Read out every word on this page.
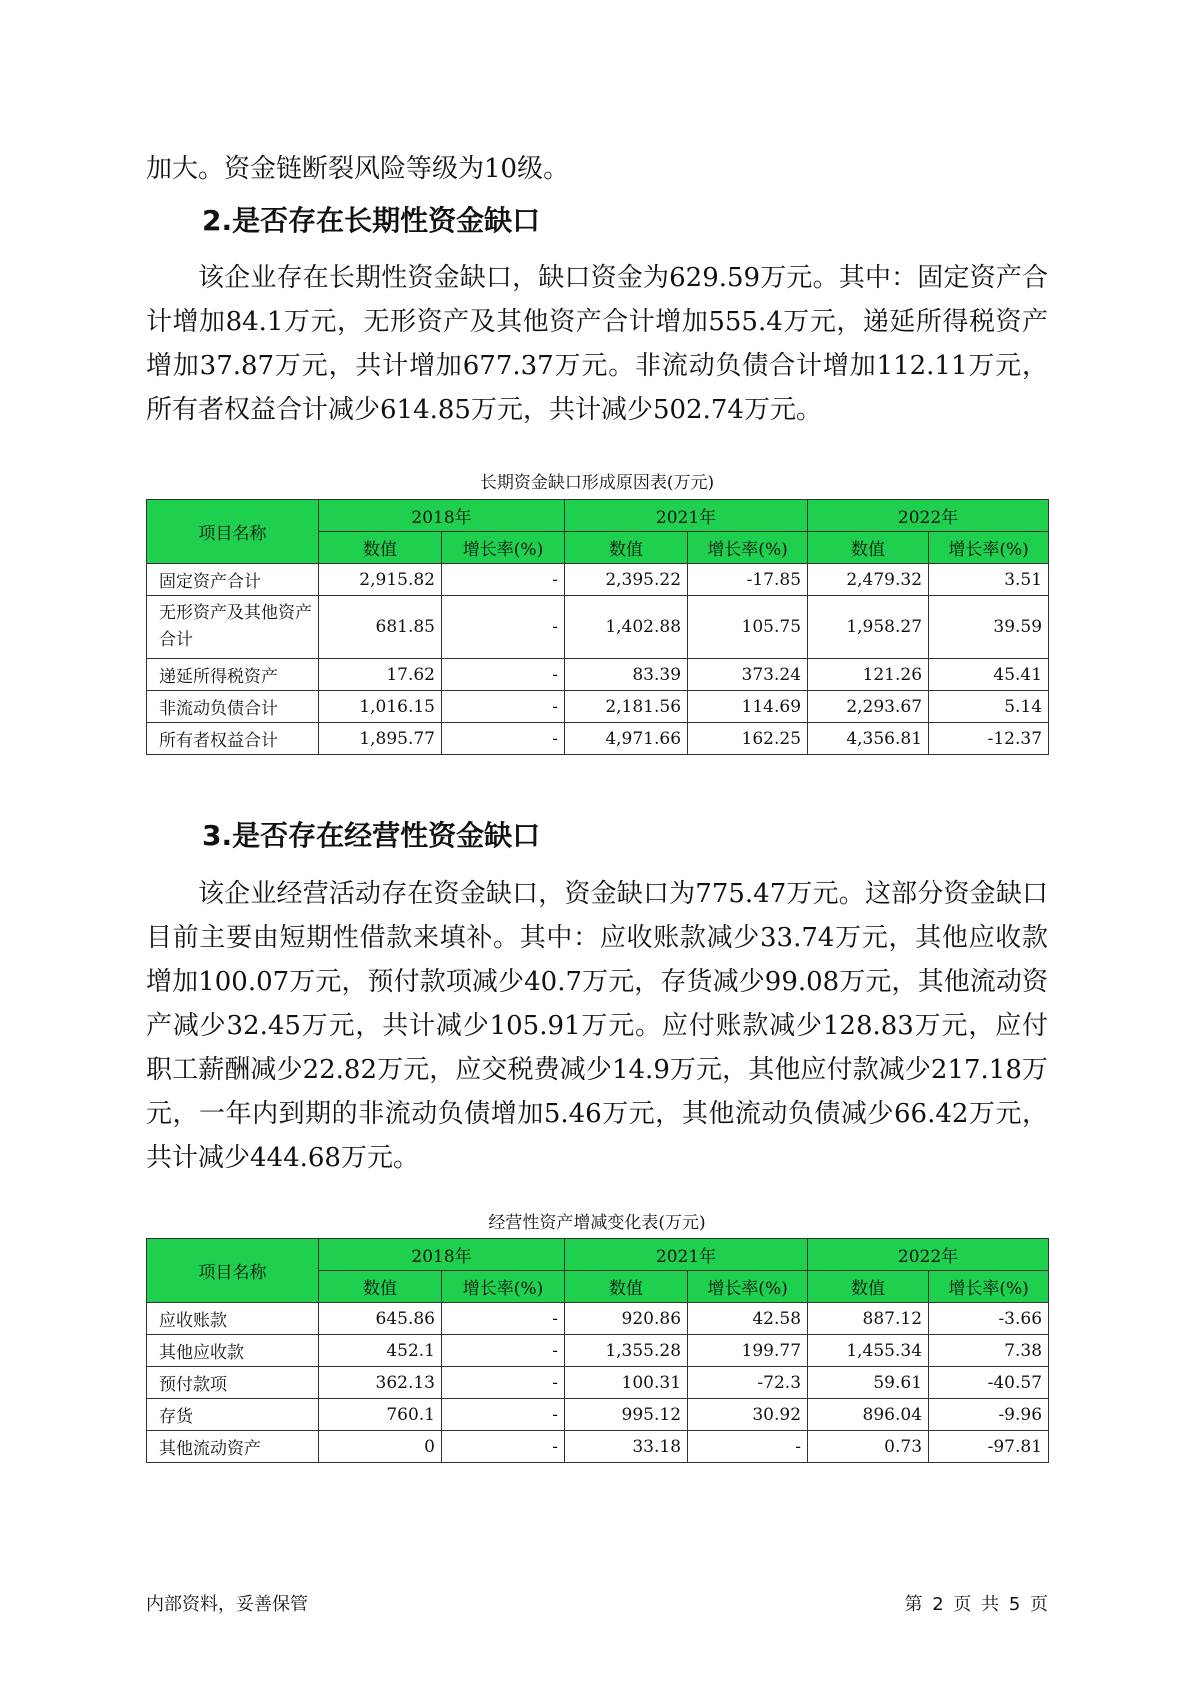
加大。资金链断裂风险等级为10级。

2.是否存在长期性资金缺口

该企业存在长期性资金缺口，缺口资金为629.59万元。其中：固定资产合计增加84.1万元，无形资产及其他资产合计增加555.4万元，递延所得税资产增加37.87万元，共计增加677.37万元。非流动负债合计增加112.11万元，所有者权益合计减少614.85万元，共计减少502.74万元。

长期资金缺口形成原因表(万元)
项目名称	2018年		2021年		2022年	
	数值	增长率(%)	数值	增长率(%)	数值	增长率(%)
固定资产合计	2,915.82	-	2,395.22	-17.85	2,479.32	3.51
无形资产及其他资产合计	681.85	-	1,402.88	105.75	1,958.27	39.59
递延所得税资产	17.62	-	83.39	373.24	121.26	45.41
非流动负债合计	1,016.15	-	2,181.56	114.69	2,293.67	5.14
所有者权益合计	1,895.77	-	4,971.66	162.25	4,356.81	-12.37
3.是否存在经营性资金缺口

该企业经营活动存在资金缺口，资金缺口为775.47万元。这部分资金缺口目前主要由短期性借款来填补。其中：应收账款减少33.74万元，其他应收款增加100.07万元，预付款项减少40.7万元，存货减少99.08万元，其他流动资产减少32.45万元，共计减少105.91万元。应付账款减少128.83万元，应付职工薪酬减少22.82万元，应交税费减少14.9万元，其他应付款减少217.18万元，一年内到期的非流动负债增加5.46万元，其他流动负债减少66.42万元，共计减少444.68万元。

经营性资产增减变化表(万元)
项目名称	2018年		2021年		2022年	
	数值	增长率(%)	数值	增长率(%)	数值	增长率(%)
应收账款	645.86	-	920.86	42.58	887.12	-3.66
其他应收款	452.1	-	1,355.28	199.77	1,455.34	7.38
预付款项	362.13	-	100.31	-72.3	59.61	-40.57
存货	760.1	-	995.12	30.92	896.04	-9.96
其他流动资产	0	-	33.18	-	0.73	-97.81
内部资料，妥善保管	第 2 页 共 5 页
